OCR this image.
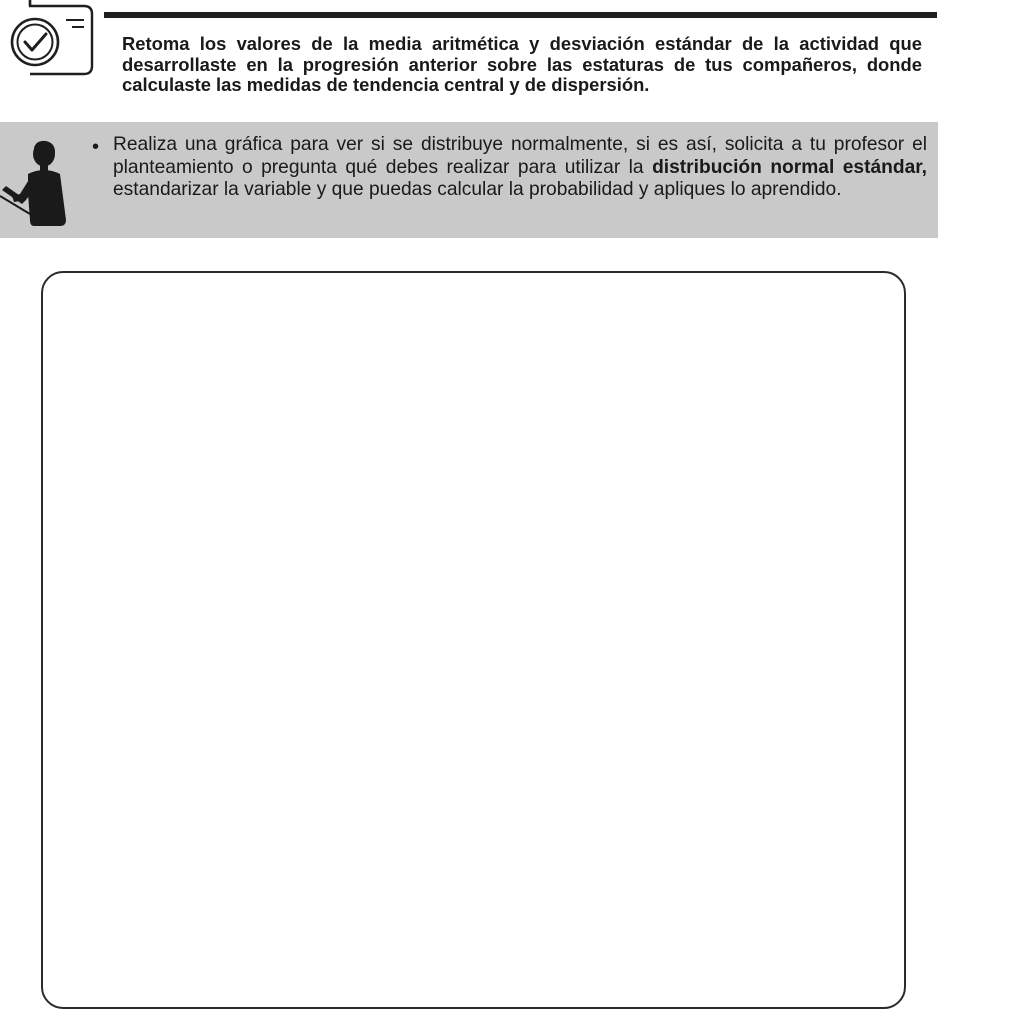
Retoma los valores de la media aritmética y desviación estándar de la actividad que desarrollaste en la progresión anterior sobre las estaturas de tus compañeros, donde calculaste las medidas de tendencia central y de dispersión.

• Realiza una gráfica para ver si se distribuye normalmente, si es así, solicita a tu profesor el planteamiento o pregunta qué debes realizar para utilizar la distribución normal estándar, estandarizar la variable y que puedas calcular la probabilidad y apliques lo aprendido.
